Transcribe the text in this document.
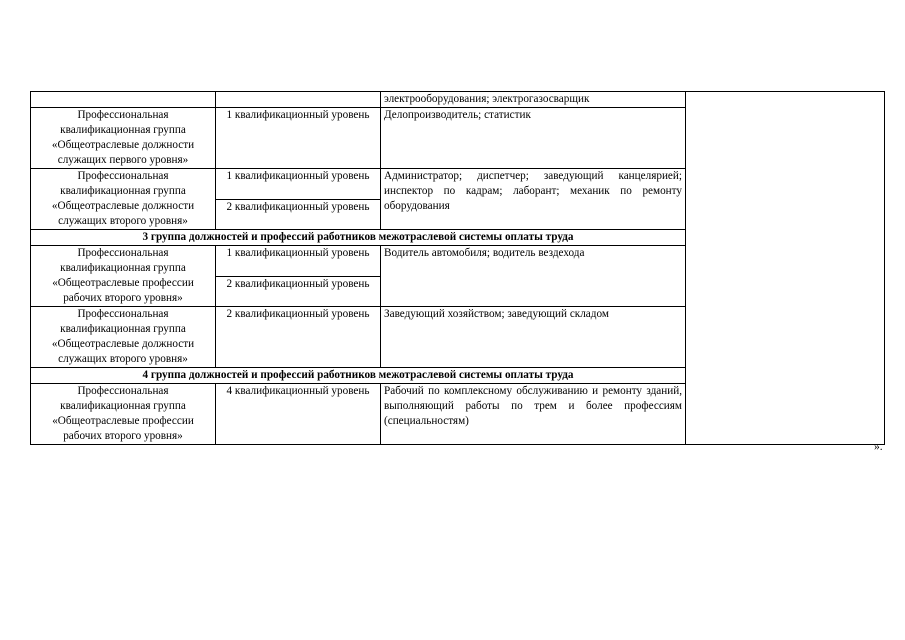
		электрооборудования; электрогазосварщик	
Профессиональная квалификационная группа «Общеотраслевые должности служащих первого уровня»	1 квалификационный уровень	Делопроизводитель; статистик	
Профессиональная квалификационная группа «Общеотраслевые должности служащих второго уровня»	1 квалификационный уровень	Администратор; диспетчер; заведующий канцелярией; инспектор по кадрам; лаборант; механик по ремонту оборудования	
	2 квалификационный уровень		
3 группа должностей и профессий работников межотраслевой системы оплаты труда			
Профессиональная квалификационная группа «Общеотраслевые профессии рабочих второго уровня»	1 квалификационный уровень	Водитель автомобиля; водитель вездехода	
	2 квалификационный уровень		
Профессиональная квалификационная группа «Общеотраслевые должности служащих второго уровня»	2 квалификационный уровень	Заведующий хозяйством; заведующий складом	
4 группа должностей и профессий работников межотраслевой системы оплаты труда			
Профессиональная квалификационная группа «Общеотраслевые профессии рабочих второго уровня»	4 квалификационный уровень	Рабочий по комплексному обслуживанию и ремонту зданий, выполняющий работы по трем и более профессиям (специальностям)	
».
